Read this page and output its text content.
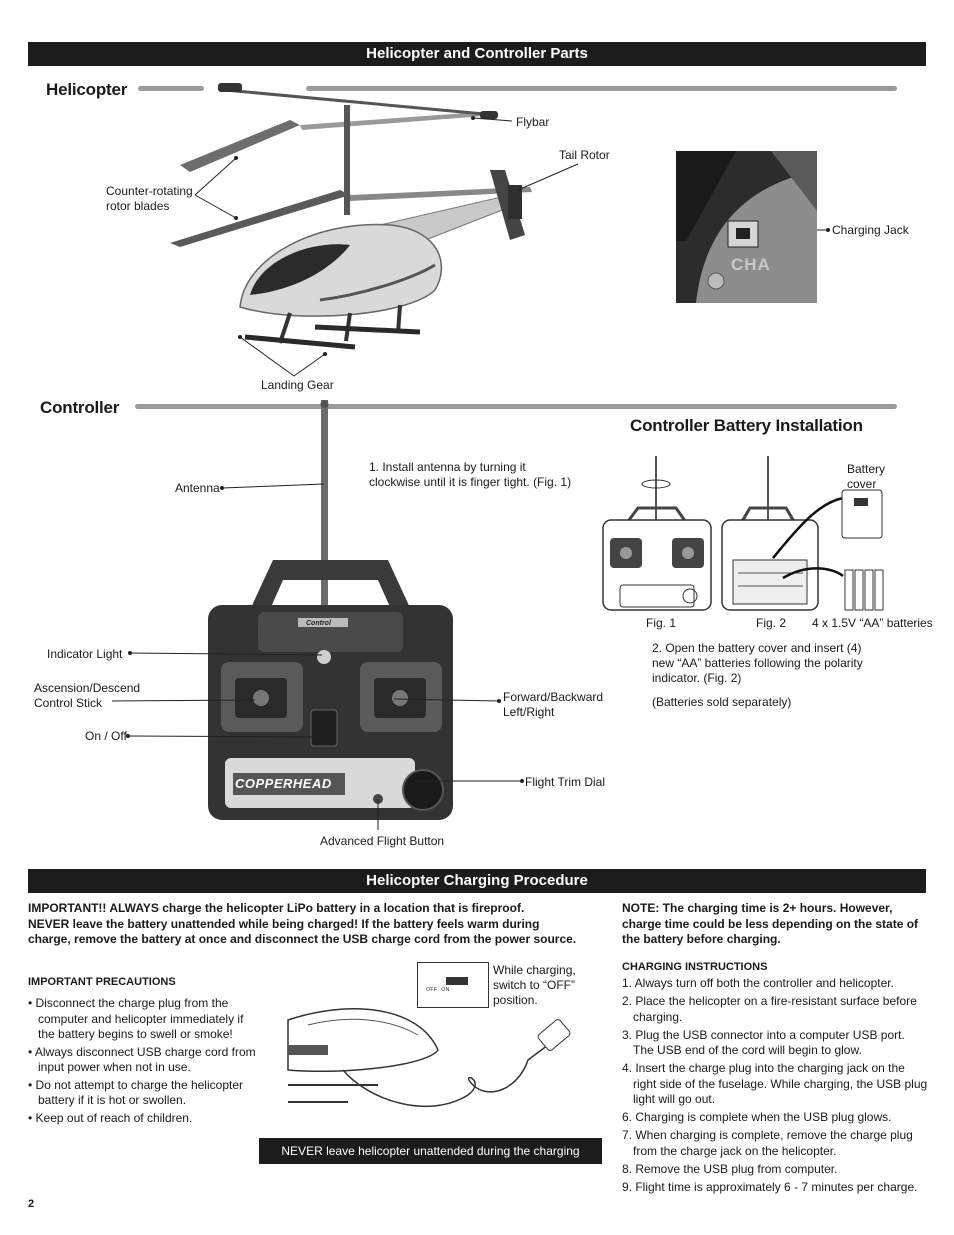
Helicopter and Controller Parts
Helicopter
Flybar
Tail Rotor
Counter-rotating
rotor blades
Landing Gear
CHA
Charging Jack
Controller
Control
COPPERHEAD
Antenna
Indicator Light
Ascension/Descend
Control Stick
On / Off
Forward/Backward
Left/Right
Flight Trim Dial
Advanced Flight Button
1. Install antenna by turning it
clockwise until it is finger tight. (Fig. 1)
Controller Battery Installation
Battery
cover
Fig. 1	Fig. 2 4 x 1.5V “AA” batteries
2. Open the battery cover and insert (4)
new “AA” batteries following the polarity
indicator. (Fig. 2)
(Batteries sold separately)
Helicopter Charging Procedure
IMPORTANT!! ALWAYS charge the helicopter LiPo battery in a location that is fireproof.
NEVER leave the battery unattended while being charged! If the battery feels warm during
charge, remove the battery at once and disconnect the USB charge cord from the power source.
IMPORTANT PRECAUTIONS
• Disconnect the charge plug from the computer and helicopter immediately if the battery begins to swell or smoke!
• Always disconnect USB charge cord from input power when not in use.
• Do not attempt to charge the helicopter battery if it is hot or swollen.
• Keep out of reach of children.
OFF  ON
While charging,
switch to “OFF”
position.
NEVER leave helicopter unattended during the charging process!
NOTE: The charging time is 2+ hours. However, charge time could be less depending on the state of the battery before charging.
CHARGING INSTRUCTIONS
1. Always turn off both the controller and helicopter.
2. Place the helicopter on a fire-resistant surface before charging.
3. Plug the USB connector into a computer USB port. The USB end of the cord will begin to glow.
4. Insert the charge plug into the charging jack on the right side of the fuselage. While charging, the USB plug light will go out.
6. Charging is complete when the USB plug glows.
7. When charging is complete, remove the charge plug from the charge jack on the helicopter.
8. Remove the USB plug from computer.
9. Flight time is approximately 6 - 7 minutes per charge.
2
